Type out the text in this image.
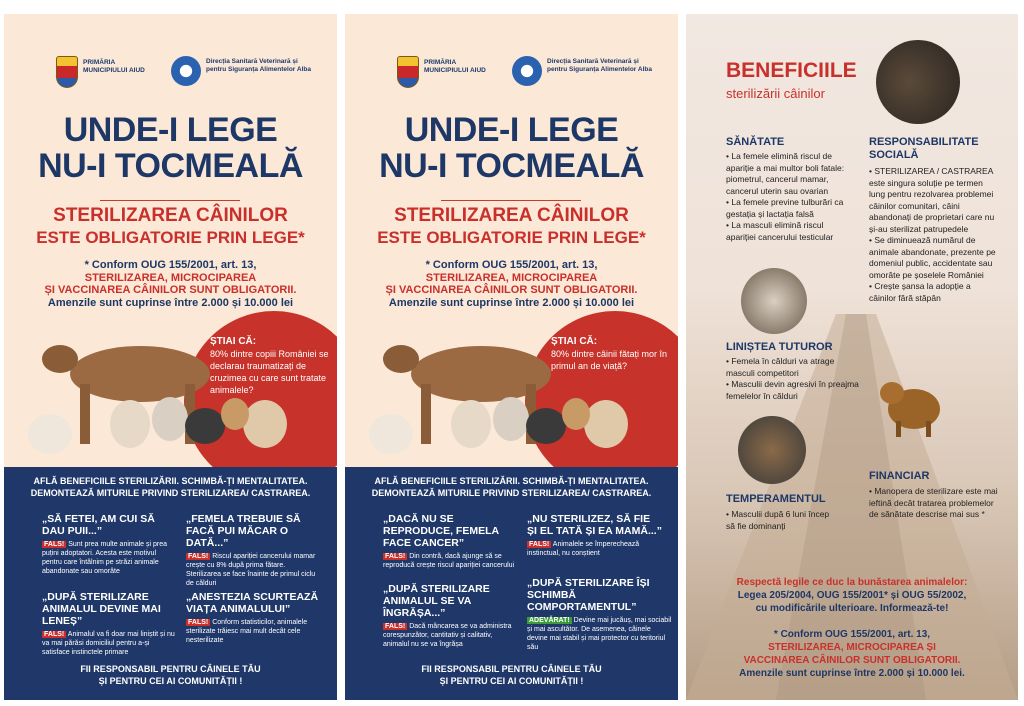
PRIMĂRIA MUNICIPIULUI AIUD
Direcția Sanitară Veterinară și pentru Siguranța Alimentelor Alba
UNDE-I LEGE
NU-I TOCMEALĂ
STERILIZAREA CÂINILOR
ESTE OBLIGATORIE PRIN LEGE*
* Conform OUG 155/2001, art. 13,
STERILIZAREA, MICROCIPAREA
ȘI VACCINAREA CÂINILOR SUNT OBLIGATORII.
Amenzile sunt cuprinse între 2.000 și 10.000 lei
ȘTIAI CĂ:
80% dintre copiii României se declarau traumatizați de cruzimea cu care sunt tratate animalele?
AFLĂ BENEFICIILE STERILIZĂRII. SCHIMBĂ-ȚI MENTALITATEA.
DEMONTEAZĂ MITURILE PRIVIND STERILIZAREA/ CASTRAREA.
„SĂ FETEI, AM CUI SĂ DAU PUII...”
FALS! Sunt prea multe animale și prea puțini adoptatori. Acesta este motivul pentru care întâlnim pe străzi animale abandonate sau omorâte
„FEMELA TREBUIE SĂ FACĂ PUI MĂCAR O DATĂ...”
FALS! Riscul apariției cancerului mamar crește cu 8% după prima fătare. Sterilizarea se face înainte de primul ciclu de călduri
„DUPĂ STERILIZARE ANIMALUL DEVINE MAI LENEȘ”
FALS! Animalul va fi doar mai liniștit și nu va mai părăsi domiciliul pentru a-și satisface instinctele primare
„ANESTEZIA SCURTEAZĂ VIAȚA ANIMALULUI”
FALS! Conform statisticilor, animalele sterilizate trăiesc mai mult decât cele nesterilizate
FII RESPONSABIL PENTRU CÂINELE TĂU
ȘI PENTRU CEI AI COMUNITĂȚII !
PRIMĂRIA MUNICIPIULUI AIUD
Direcția Sanitară Veterinară și pentru Siguranța Alimentelor Alba
UNDE-I LEGE
NU-I TOCMEALĂ
STERILIZAREA CÂINILOR
ESTE OBLIGATORIE PRIN LEGE*
* Conform OUG 155/2001, art. 13,
STERILIZAREA, MICROCIPAREA
ȘI VACCINAREA CÂINILOR SUNT OBLIGATORII.
Amenzile sunt cuprinse între 2.000 și 10.000 lei
ȘTIAI CĂ:
80% dintre câinii fătați mor în primul an de viață?
AFLĂ BENEFICIILE STERILIZĂRII. SCHIMBĂ-ȚI MENTALITATEA.
DEMONTEAZĂ MITURILE PRIVIND STERILIZAREA/ CASTRAREA.
„DACĂ NU SE REPRODUCE, FEMELA FACE CANCER”
FALS! Din contră, dacă ajunge să se reproducă crește riscul apariției cancerului
„NU STERILIZEZ, SĂ FIE ȘI EL TATĂ ȘI EA MAMĂ...”
FALS! Animalele se împerechează instinctual, nu conștient
„DUPĂ STERILIZARE ANIMALUL SE VA ÎNGRĂȘA...”
FALS! Dacă mâncarea se va administra corespunzător, cantitativ și calitativ, animalul nu se va îngrășa
„DUPĂ STERILIZARE ÎȘI SCHIMBĂ COMPORTAMENTUL”
ADEVĂRAT! Devine mai jucăuș, mai sociabil și mai ascultător. De asemenea, câinele devine mai stabil și mai protector cu teritoriul său
FII RESPONSABIL PENTRU CÂINELE TĂU
ȘI PENTRU CEI AI COMUNITĂȚII !
BENEFICIILE
sterilizării câinilor
SĂNĂTATE
• La femele elimină riscul de apariție a mai multor boli fatale: piometrul, cancerul mamar, cancerul uterin sau ovarian
• La femele previne tulburări ca gestația și lactația falsă
• La masculi elimină riscul apariției cancerului testicular
RESPONSABILITATE SOCIALĂ
• STERILIZAREA / CASTRAREA este singura soluție pe termen lung pentru rezolvarea problemei câinilor comunitari, câini abandonați de proprietari care nu și-au sterilizat patrupedele
• Se diminuează numărul de animale abandonate, prezente pe domeniul public, accidentate sau omorâte pe șoselele României
• Crește șansa la adopție a câinilor fără stăpân
LINIȘTEA TUTUROR
• Femela în călduri va atrage masculi competitori
• Masculii devin agresivi în preajma femelelor în călduri
TEMPERAMENTUL
• Masculii după 6 luni încep să fie dominanți
FINANCIAR
• Manopera de sterilizare este mai ieftină decât tratarea problemelor de sănătate descrise mai sus *
Respectă legile ce duc la bunăstarea animalelor:
Legea 205/2004, OUG 155/2001* și OUG 55/2002,
cu modificările ulterioare. Informează-te!
* Conform OUG 155/2001, art. 13,
STERILIZAREA, MICROCIPAREA ȘI
VACCINAREA CÂINILOR SUNT OBLIGATORII.
Amenzile sunt cuprinse între 2.000 și 10.000 lei.
